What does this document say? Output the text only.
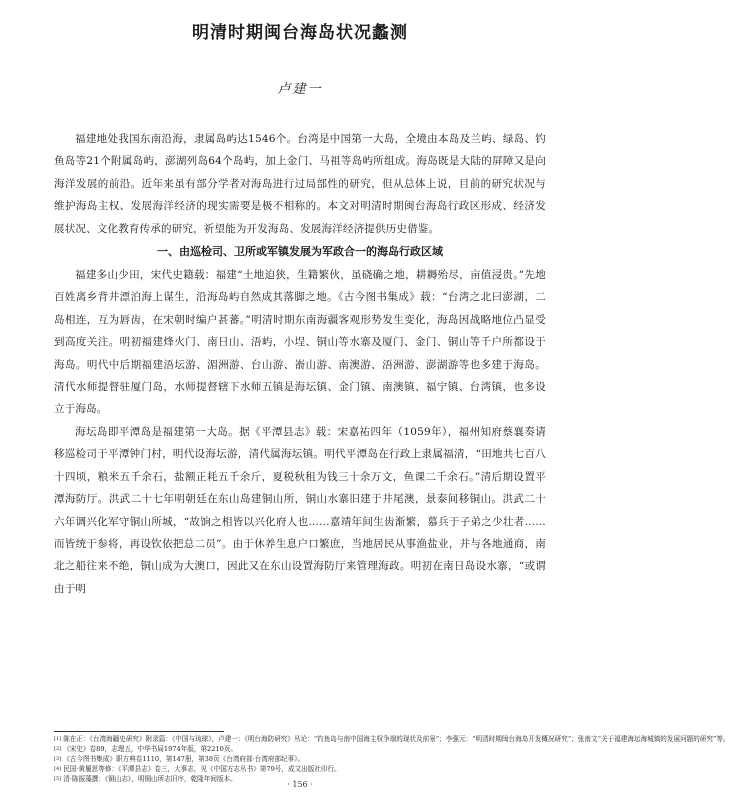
明清时期闽台海岛状况蠡测
卢建一

福建地处我国东南沿海，隶属岛屿达1546个。台湾是中国第一大岛，全境由本岛及兰屿、绿岛、钓鱼岛等21个附属岛屿，澎湖列岛64个岛屿，加上金门、马祖等岛屿所组成。海岛既是大陆的屏障又是向海洋发展的前沿。近年来虽有部分学者对海岛进行过局部性的研究，但从总体上说，目前的研究状况与维护海岛主权、发展海洋经济的现实需要是极不相称的。本文对明清时期闽台海岛行政区形成、经济发展状况、文化教育传承的研究，祈望能为开发海岛、发展海洋经济提供历史借鉴。

一、由巡检司、卫所或军镇发展为军政合一的海岛行政区域

福建多山少田，宋代史籍载：福建“土地迫狭，生籍繁伙，虽硗确之地，耕耨殆尽，亩值浸贵。”先地百姓离乡背井漂泊海上谋生，沿海岛屿自然成其落脚之地。《古今图书集成》载：“台湾之北曰澎湖，二岛相连，互为唇齿，在宋朝时编户甚蕃。”明清时期东南海疆客观形势发生变化，海岛因战略地位凸显受到高度关注。明初福建烽火门、南日山、浯屿，小埕、铜山等水寨及厦门、金门、铜山等千户所都设于海岛。明代中后期福建浯坛游、湄洲游、台山游、嵛山游、南澳游、浯洲游、澎湖游等也多建于海岛。清代水师提督驻厦门岛，水师提督辖下水师五镇是海坛镇、金门镇、南澳镇、福宁镇、台湾镇，也多设立于海岛。

海坛岛即平潭岛是福建第一大岛。据《平潭县志》载：宋嘉祐四年（1059年），福州知府蔡襄奏请移巡检司于平潭钟门村，明代设海坛游，清代属海坛镇。明代平潭岛在行政上隶属福清，“田地共七百八十四顷，粮米五千余石，盐额正耗五千余斤，夏税秋租为钱三十余万文，鱼课二千余石。”清后期设置平潭海防厅。洪武二十七年明朝廷在东山岛建铜山所，铜山水寨旧建于井尾澳，景泰间移铜山。洪武二十六年调兴化军守铜山所城，“故饷之相皆以兴化府人也……嘉靖年间生齿渐繁，慕兵于子弟之少壮者……而皆统于参将，再设钦依把总二员”。由于休养生息户口繁庶，当地居民从事渔盐业，并与各地通商，南北之船往来不绝，铜山成为大澳口，因此又在东山设置海防厅来管理海政。明初在南日岛设水寨，“或谓由于明

[1] 陈在正：《台湾海疆史研究》附录篇：《中国与琉球》，卢建一：《明台海防研究》丛论：“钓鱼岛与南中国海主权争端的现状及前景”；李强元：“明清时期闽台海岛开发概况研究”；张南文“关于福建海坛海城镇的发展问题的研究”等。
[2] 《宋史》卷89，志理五，中华书局1974年版，第2210页。
[3] 《古今图书集成》职方典卷1110，第147册，第38页《台湾府部·台湾府部纪事》。
[4] 民国·黄履思等修：《平潭县志》卷三，大事志，见《中国方志丛书》第79号，成文出版社印行。
[5] 清·陈振藻撰：《铜山志》，明铜山所志旧序，乾隆年间版本。
· 156 ·
